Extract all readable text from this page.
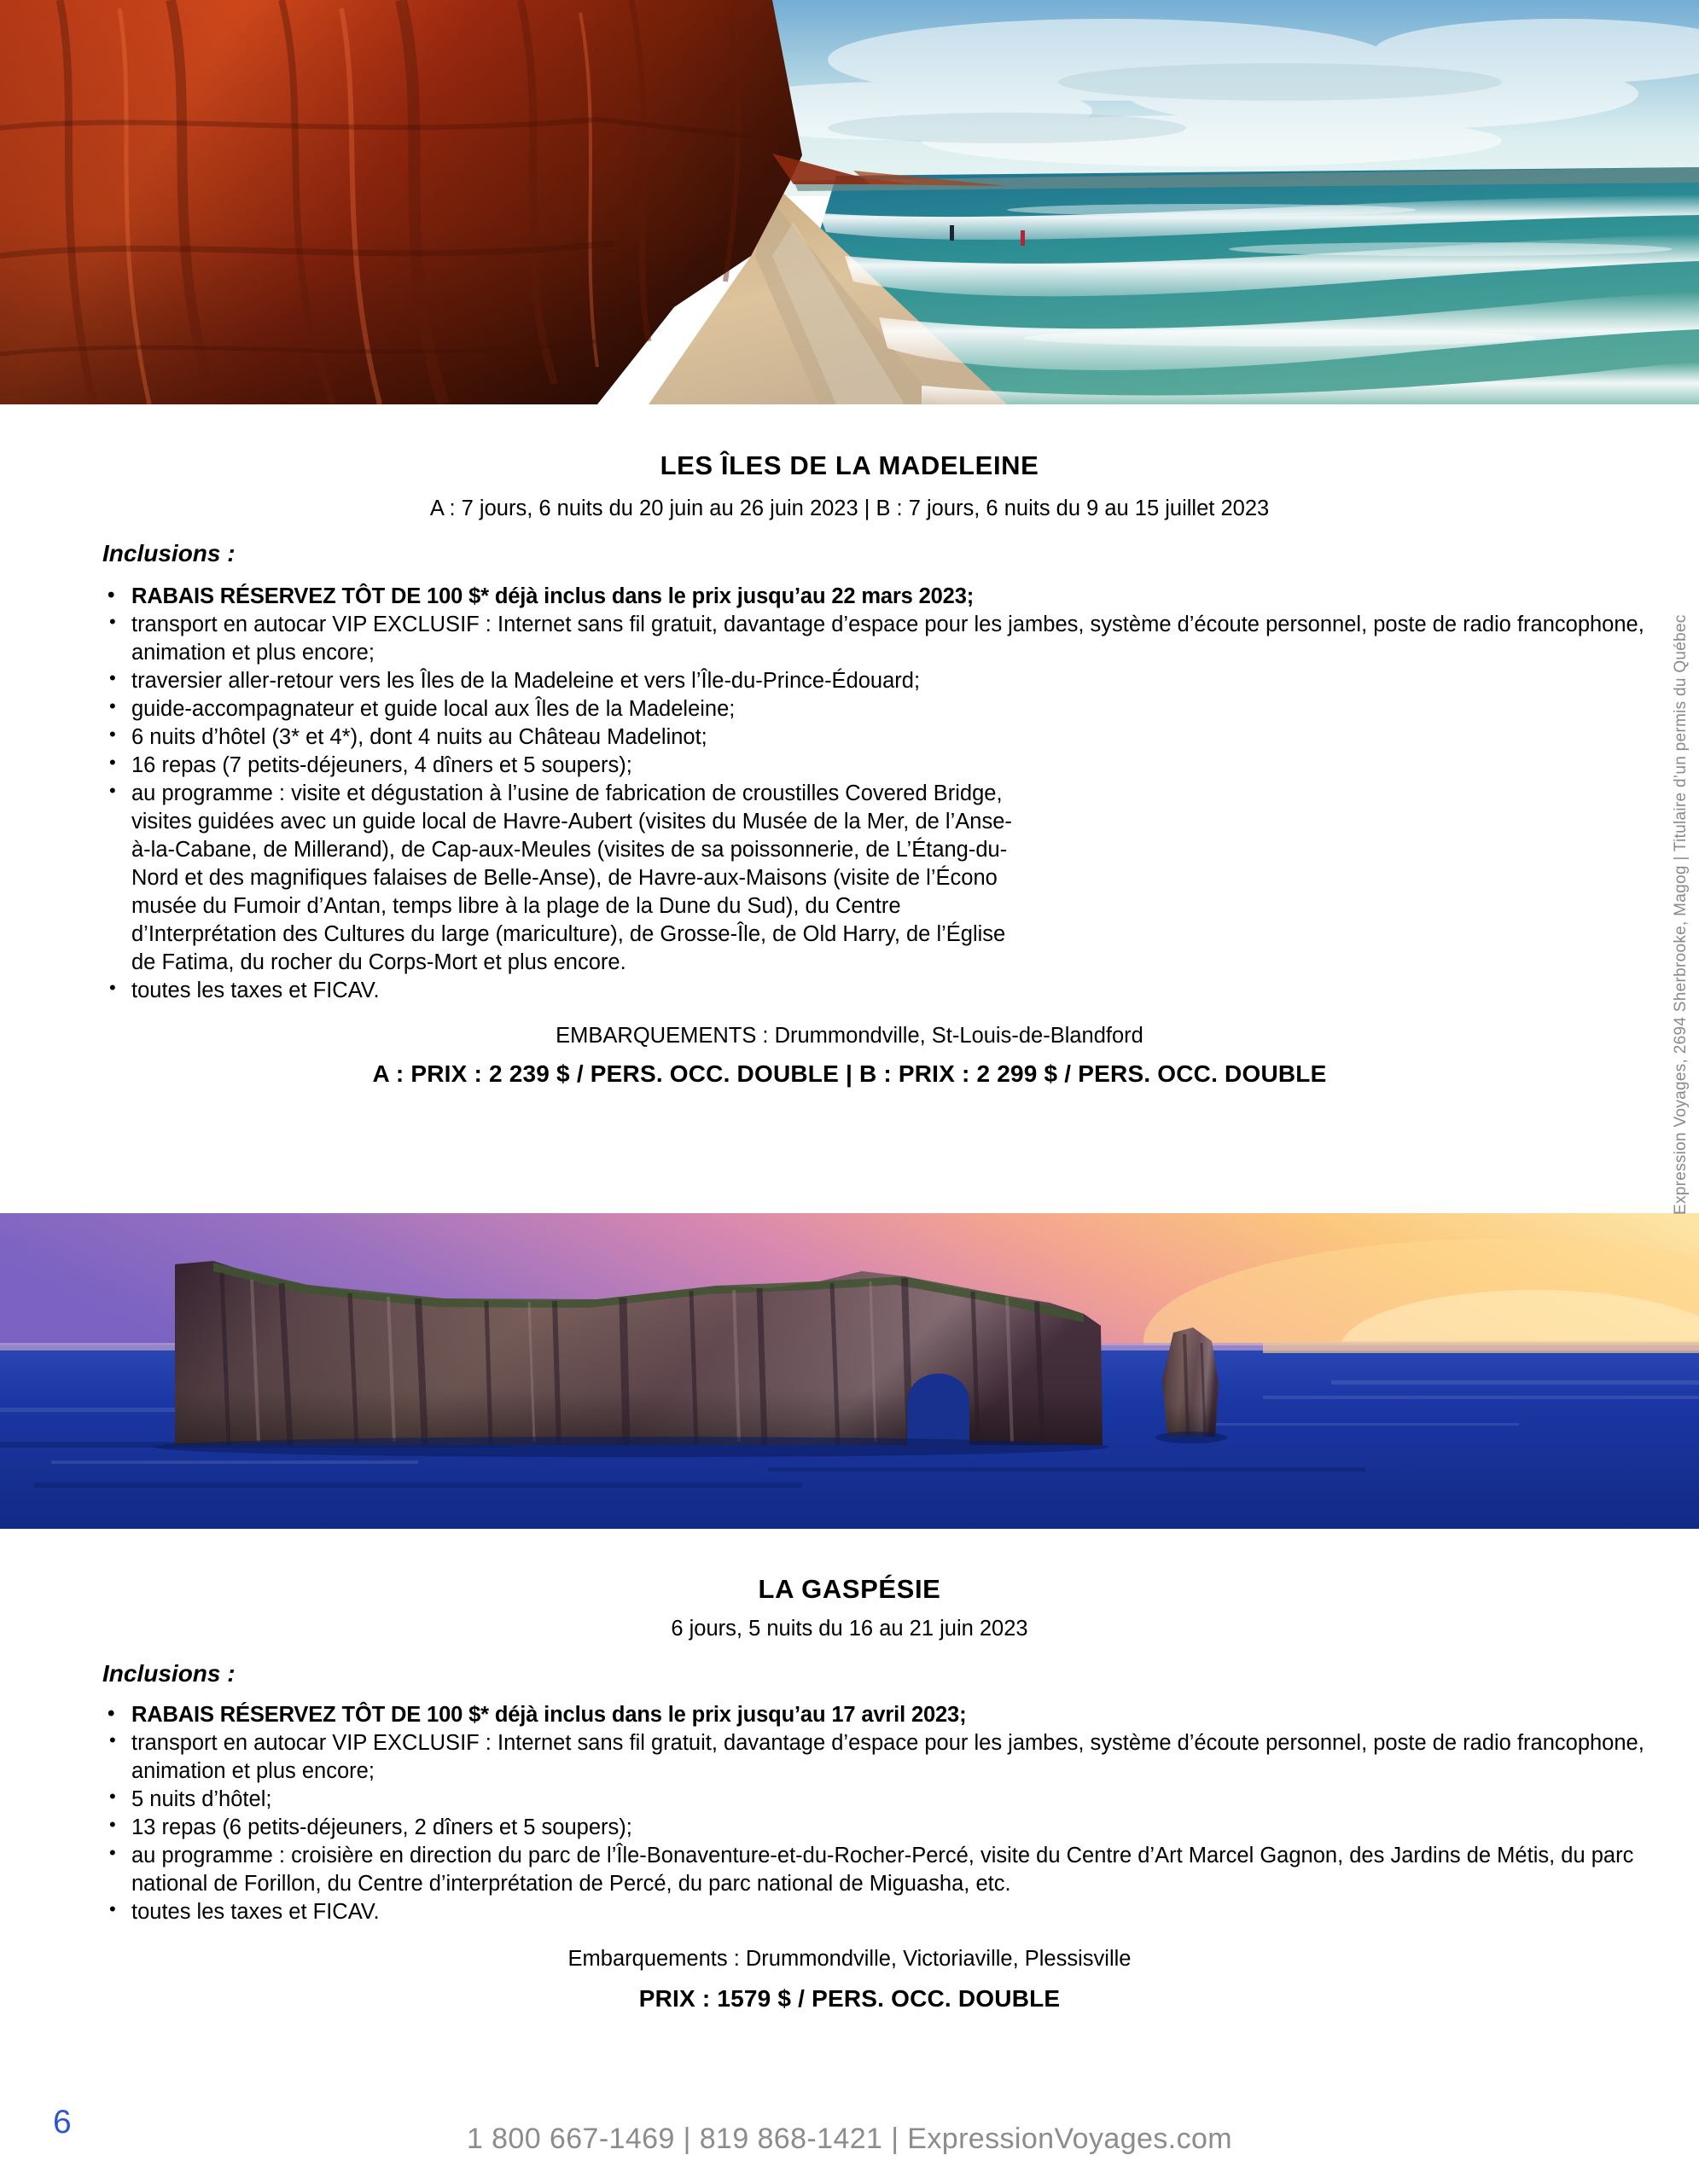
LES ÎLES DE LA MADELEINE

A : 7 jours, 6 nuits du 20 juin au 26 juin 2023 | B : 7 jours, 6 nuits du 9 au 15 juillet 2023

Inclusions :

• RABAIS RÉSERVEZ TÔT DE 100 $* déjà inclus dans le prix jusqu’au 22 mars 2023;
• transport en autocar VIP EXCLUSIF : Internet sans fil gratuit, davantage d’espace pour les jambes, système d’écoute personnel, poste de radio francophone, animation et plus encore;
• traversier aller-retour vers les Îles de la Madeleine et vers l’Île-du-Prince-Édouard;
• guide-accompagnateur et guide local aux Îles de la Madeleine;
• 6 nuits d’hôtel (3* et 4*), dont 4 nuits au Château Madelinot;
• 16 repas (7 petits-déjeuners, 4 dîners et 5 soupers);
• au programme : visite et dégustation à l’usine de fabrication de croustilles Covered Bridge, visites guidées avec un guide local de Havre-Aubert (visites du Musée de la Mer, de l’Anse-à-la-Cabane, de Millerand), de Cap-aux-Meules (visites de sa poissonnerie, de L’Étang-du-Nord et des magnifiques falaises de Belle-Anse), de Havre-aux-Maisons (visite de l’Écono musée du Fumoir d’Antan, temps libre à la plage de la Dune du Sud), du Centre d’Interprétation des Cultures du large (mariculture), de Grosse-Île, de Old Harry, de l’Église de Fatima, du rocher du Corps-Mort et plus encore.
• toutes les taxes et FICAV.

EMBARQUEMENTS : Drummondville, St-Louis-de-Blandford

A : PRIX : 2 239 $ / PERS. OCC. DOUBLE | B : PRIX : 2 299 $ / PERS. OCC. DOUBLE

LA GASPÉSIE

6 jours, 5 nuits du 16 au 21 juin 2023

Inclusions :

• RABAIS RÉSERVEZ TÔT DE 100 $* déjà inclus dans le prix jusqu’au 17 avril 2023;
• transport en autocar VIP EXCLUSIF : Internet sans fil gratuit, davantage d’espace pour les jambes, système d’écoute personnel, poste de radio francophone, animation et plus encore;
• 5 nuits d’hôtel;
• 13 repas (6 petits-déjeuners, 2 dîners et 5 soupers);
• au programme : croisière en direction du parc de l’Île-Bonaventure-et-du-Rocher-Percé, visite du Centre d’Art Marcel Gagnon, des Jardins de Métis, du parc national de Forillon, du Centre d’interprétation de Percé, du parc national de Miguasha, etc.
• toutes les taxes et FICAV.

Embarquements : Drummondville, Victoriaville, Plessisville

PRIX : 1579 $ / PERS. OCC. DOUBLE

Expression Voyages, 2694 Sherbrooke, Magog | Titulaire d’un permis du Québec
6	1 800 667-1469 | 819 868-1421 | ExpressionVoyages.com
